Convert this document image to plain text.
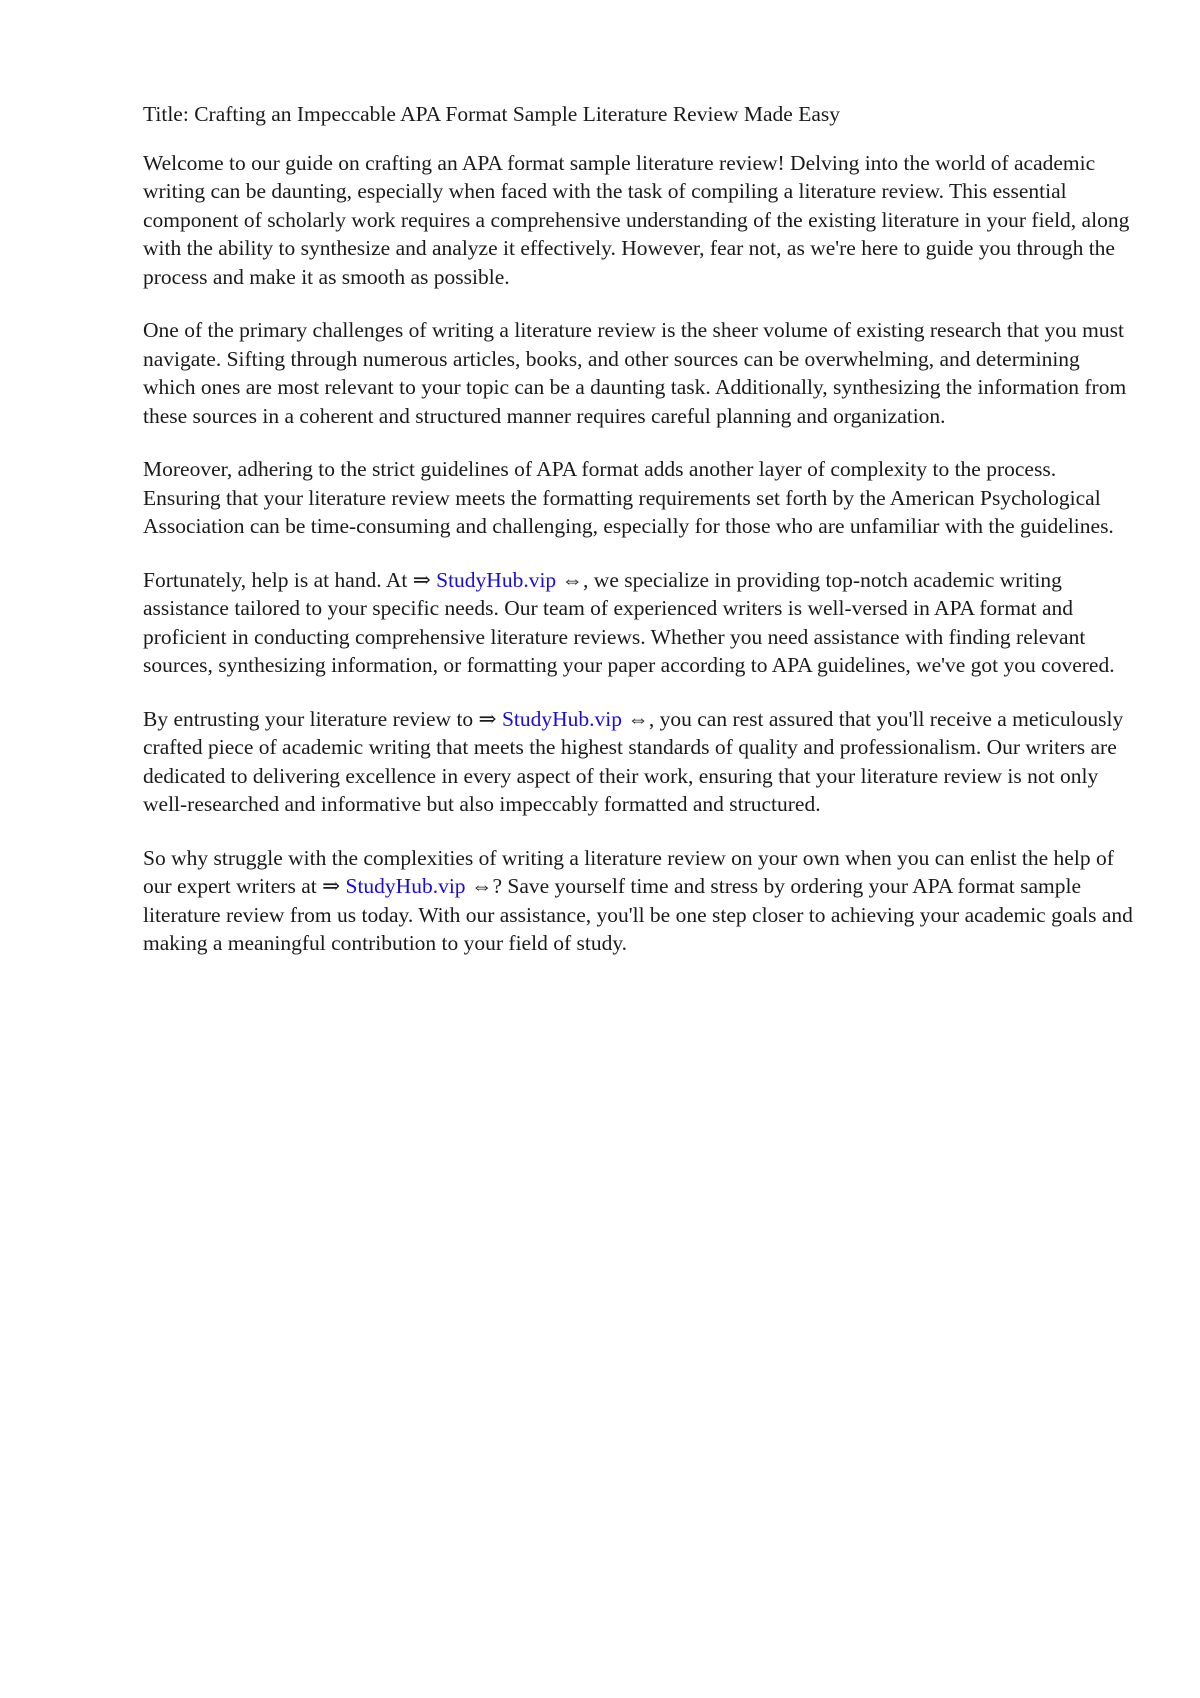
Title: Crafting an Impeccable APA Format Sample Literature Review Made Easy

Welcome to our guide on crafting an APA format sample literature review! Delving into the world of academic writing can be daunting, especially when faced with the task of compiling a literature review. This essential component of scholarly work requires a comprehensive understanding of the existing literature in your field, along with the ability to synthesize and analyze it effectively. However, fear not, as we're here to guide you through the process and make it as smooth as possible.

One of the primary challenges of writing a literature review is the sheer volume of existing research that you must navigate. Sifting through numerous articles, books, and other sources can be overwhelming, and determining which ones are most relevant to your topic can be a daunting task. Additionally, synthesizing the information from these sources in a coherent and structured manner requires careful planning and organization.

Moreover, adhering to the strict guidelines of APA format adds another layer of complexity to the process. Ensuring that your literature review meets the formatting requirements set forth by the American Psychological Association can be time-consuming and challenging, especially for those who are unfamiliar with the guidelines.

Fortunately, help is at hand. At ⇒ StudyHub.vip ⇔, we specialize in providing top-notch academic writing assistance tailored to your specific needs. Our team of experienced writers is well-versed in APA format and proficient in conducting comprehensive literature reviews. Whether you need assistance with finding relevant sources, synthesizing information, or formatting your paper according to APA guidelines, we've got you covered.

By entrusting your literature review to ⇒ StudyHub.vip ⇔, you can rest assured that you'll receive a meticulously crafted piece of academic writing that meets the highest standards of quality and professionalism. Our writers are dedicated to delivering excellence in every aspect of their work, ensuring that your literature review is not only well-researched and informative but also impeccably formatted and structured.

So why struggle with the complexities of writing a literature review on your own when you can enlist the help of our expert writers at ⇒ StudyHub.vip ⇔? Save yourself time and stress by ordering your APA format sample literature review from us today. With our assistance, you'll be one step closer to achieving your academic goals and making a meaningful contribution to your field of study.
